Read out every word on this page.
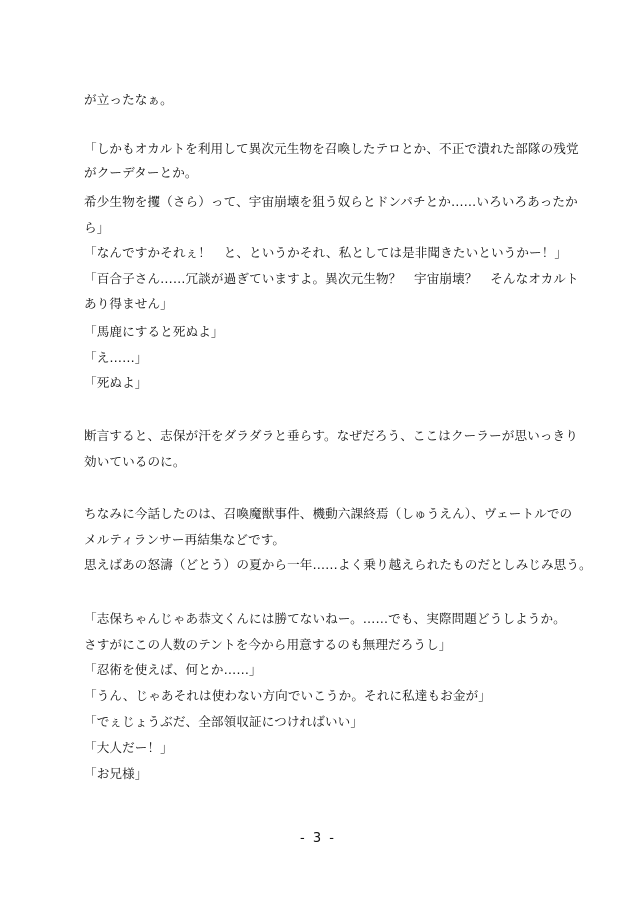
が立ったなぁ。
「しかもオカルトを利用して異次元生物を召喚したテロとか、不正で潰れた部隊の残党
がクーデターとか。
希少生物を攫（さら）って、宇宙崩壊を狙う奴らとドンパチとか……いろいろあったか
ら」
「なんですかそれぇ！　と、というかそれ、私としては是非聞きたいというかー！」
「百合子さん……冗談が過ぎていますよ。異次元生物？　宇宙崩壊？　そんなオカルト
あり得ません」
「馬鹿にすると死ぬよ」
「え……」
「死ぬよ」
断言すると、志保が汗をダラダラと垂らす。なぜだろう、ここはクーラーが思いっきり
効いているのに。
ちなみに今話したのは、召喚魔獣事件、機動六課終焉（しゅうえん）、ヴェートルでの
メルティランサー再結集などです。
思えばあの怒濤（どとう）の夏から一年……よく乗り越えられたものだとしみじみ思う。
「志保ちゃんじゃあ恭文くんには勝てないねー。……でも、実際問題どうしようか。
さすがにこの人数のテントを今から用意するのも無理だろうし」
「忍術を使えば、何とか……」
「うん、じゃあそれは使わない方向でいこうか。それに私達もお金が」
「でぇじょうぶだ、全部領収証につければいい」
「大人だー！」
「お兄様」
- 3 -
